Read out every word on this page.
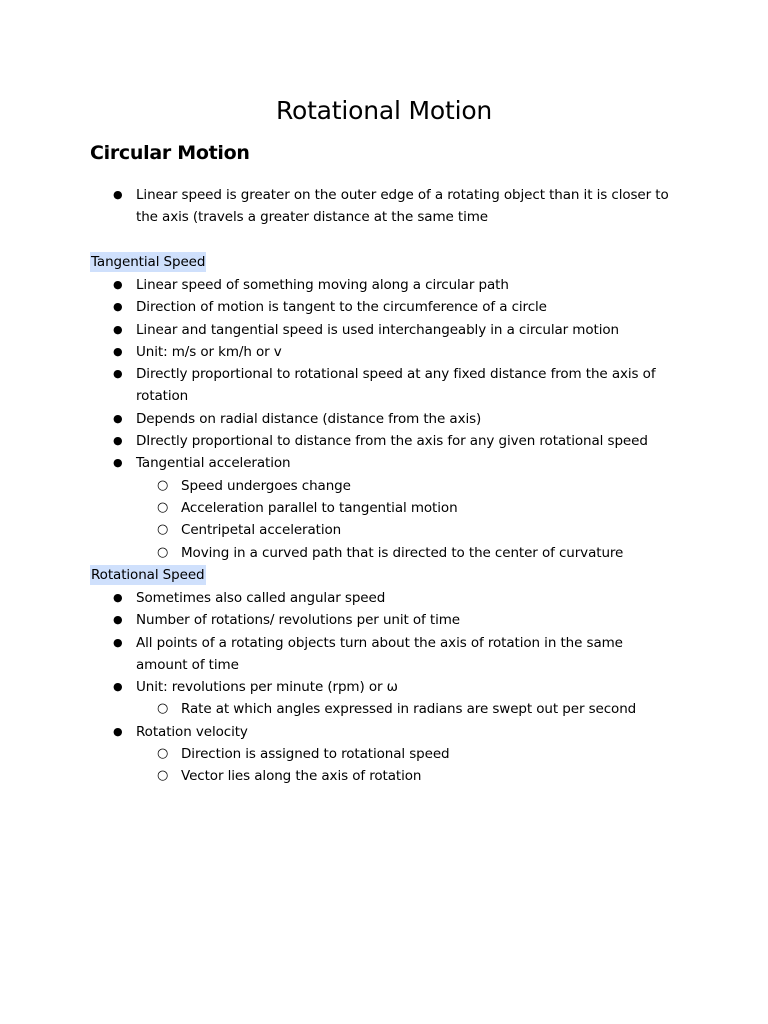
Rotational Motion
Circular Motion
● Linear speed is greater on the outer edge of a rotating object than it is closer to the axis (travels a greater distance at the same time
Tangential Speed
● Linear speed of something moving along a circular path
● Direction of motion is tangent to the circumference of a circle
● Linear and tangential speed is used interchangeably in a circular motion
● Unit: m/s or km/h or v
● Directly proportional to rotational speed at any fixed distance from the axis of rotation
● Depends on radial distance (distance from the axis)
● DIrectly proportional to distance from the axis for any given rotational speed
● Tangential acceleration
○ Speed undergoes change
○ Acceleration parallel to tangential motion
○ Centripetal acceleration
○ Moving in a curved path that is directed to the center of curvature
Rotational Speed
● Sometimes also called angular speed
● Number of rotations/ revolutions per unit of time
● All points of a rotating objects turn about the axis of rotation in the same amount of time
● Unit: revolutions per minute (rpm) or ω
○ Rate at which angles expressed in radians are swept out per second
● Rotation velocity
○ Direction is assigned to rotational speed
○ Vector lies along the axis of rotation
